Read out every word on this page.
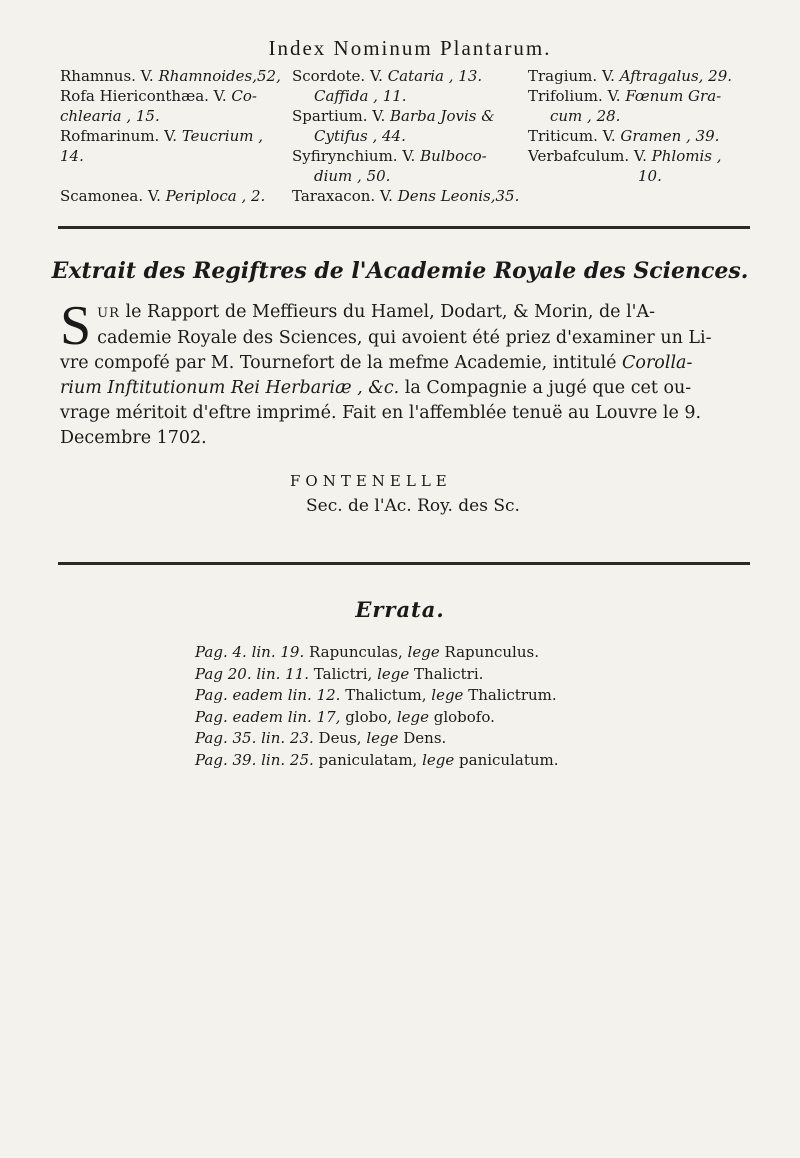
Index Nominum Plantarum.

Rhamnus. V. Rhamnoides,52,

Rofa Hiericonthæa. V. Co-

chlearia , 15.

Rofmarinum. V. Teucrium ,

14.

Scamonea. V. Periploca , 2.

Scordote. V. Cataria , 13.

Caffida , 11.

Spartium. V. Barba Jovis &

Cytifus , 44.

Syfirynchium. V. Bulboco-

dium , 50.

Taraxacon. V. Dens Leonis,35.

Tragium. V. Aftragalus, 29.

Trifolium. V. Fœnum Gra-

cum , 28.

Triticum. V. Gramen , 39.

Verbafculum. V. Phlomis ,

10.

Extrait des Regiftres de l'Academie Royale des Sciences.
S UR le Rapport de Meffieurs du Hamel, Dodart, & Morin, de l'A-
cademie Royale des Sciences, qui avoient été priez d'examiner un Li-
vre compofé par M. Tournefort de la mefme Academie, intitulé Corolla-
rium Inftitutionum Rei Herbariæ , &c. la Compagnie a jugé que cet ou-
vrage méritoit d'eftre imprimé. Fait en l'affemblée tenuë au Louvre le 9.
Decembre 1702.
FONTENELLE
Sec. de l'Ac. Roy. des Sc.
Errata.
Pag. 4. lin. 19. Rapunculas, lege Rapunculus.
Pag 20. lin. 11. Talictri, lege Thalictri.
Pag. eadem lin. 12. Thalictum, lege Thalictrum.
Pag. eadem lin. 17, globo, lege globofo.
Pag. 35. lin. 23. Deus, lege Dens.
Pag. 39. lin. 25. paniculatam, lege paniculatum.
